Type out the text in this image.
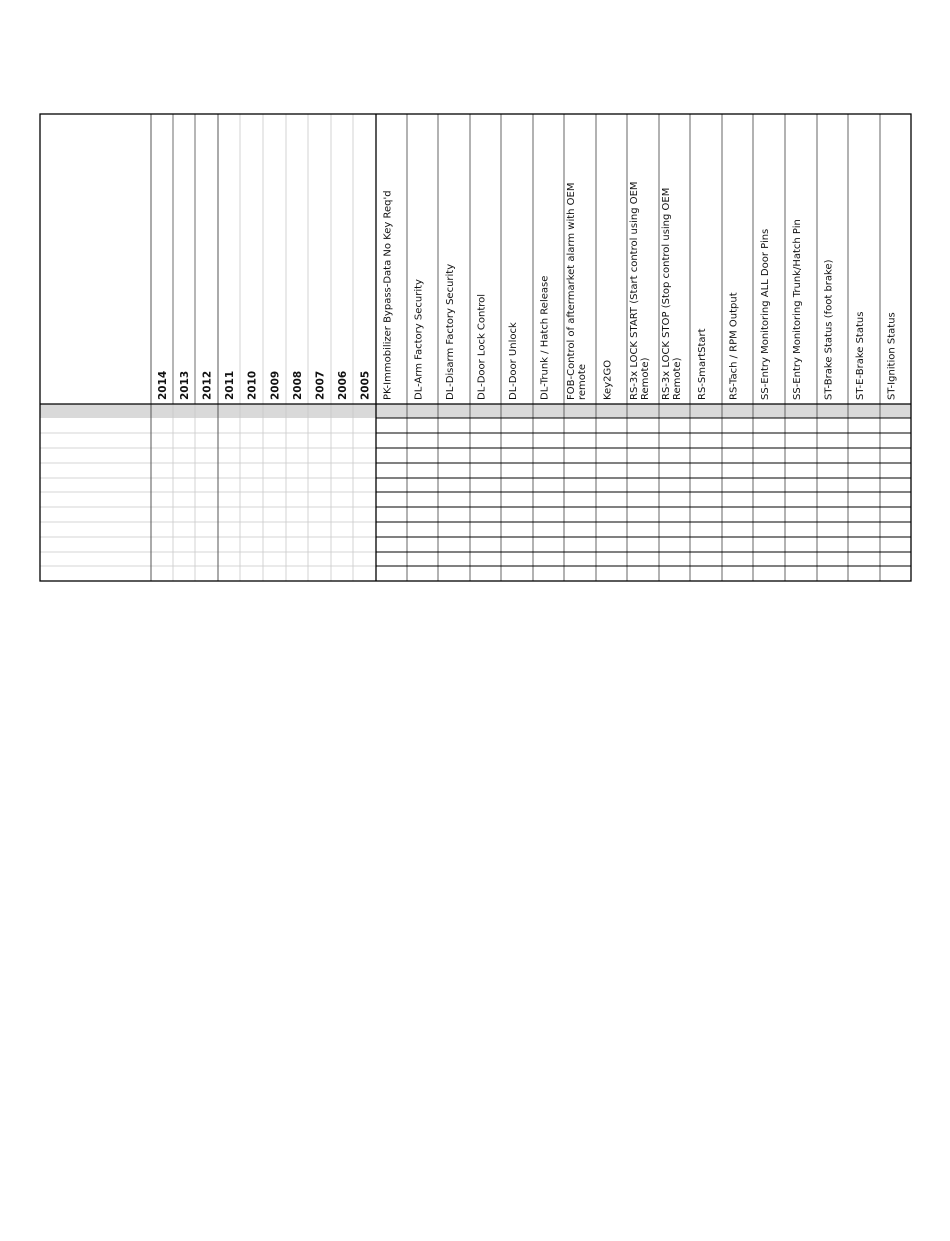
2014 2013 2012 2011 2010 2009 2008 2007 2006 2005 PK-Immobilizer Bypass-Data No Key Req'd DL-Arm Factory Security DL-Disarm Factory Security DL-Door Lock Control DL-Door Unlock DL-Trunk / Hatch Release FOB-Control of aftermarket alarm with OEM remote Key2GO RS-3x LOCK START (Start control using OEM Remote) RS-3x LOCK STOP (Stop control using OEM Remote) RS-SmartStart RS-Tach / RPM Output SS-Entry Monitoring ALL Door Pins SS-Entry Monitoring Trunk/Hatch Pin ST-Brake Status (foot brake) ST-E-Brake Status ST-Ignition Status
